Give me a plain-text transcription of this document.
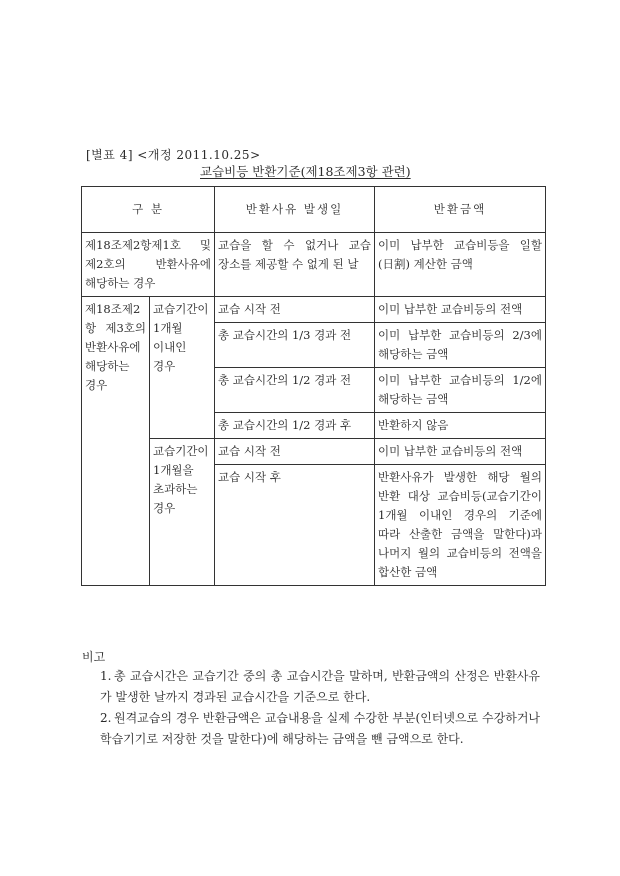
[별표 4] <개정 2011.10.25>
교습비등 반환기준(제18조제3항 관련)
구 분		반환사유 발생일	반환금액
제18조제2항제1호 및 제2호의 반환사유에 해당하는 경우		교습을 할 수 없거나 교습 장소를 제공할 수 없게 된 날	이미 납부한 교습비등을 일할(日割) 계산한 금액
제18조제2항 제3호의 반환사유에 해당하는 경우	교습기간이 1개월 이내인 경우	교습 시작 전	이미 납부한 교습비등의 전액
		총 교습시간의 1/3 경과 전	이미 납부한 교습비등의 2/3에 해당하는 금액
		총 교습시간의 1/2 경과 전	이미 납부한 교습비등의 1/2에 해당하는 금액
		총 교습시간의 1/2 경과 후	반환하지 않음
	교습기간이 1개월을 초과하는 경우	교습 시작 전	이미 납부한 교습비등의 전액
		교습 시작 후	반환사유가 발생한 해당 월의 반환 대상 교습비등(교습기간이 1개월 이내인 경우의 기준에 따라 산출한 금액을 말한다)과 나머지 월의 교습비등의 전액을 합산한 금액
비고
1. 총 교습시간은 교습기간 중의 총 교습시간을 말하며, 반환금액의 산정은 반환사유가 발생한 날까지 경과된 교습시간을 기준으로 한다.
2. 원격교습의 경우 반환금액은 교습내용을 실제 수강한 부분(인터넷으로 수강하거나 학습기기로 저장한 것을 말한다)에 해당하는 금액을 뺀 금액으로 한다.
